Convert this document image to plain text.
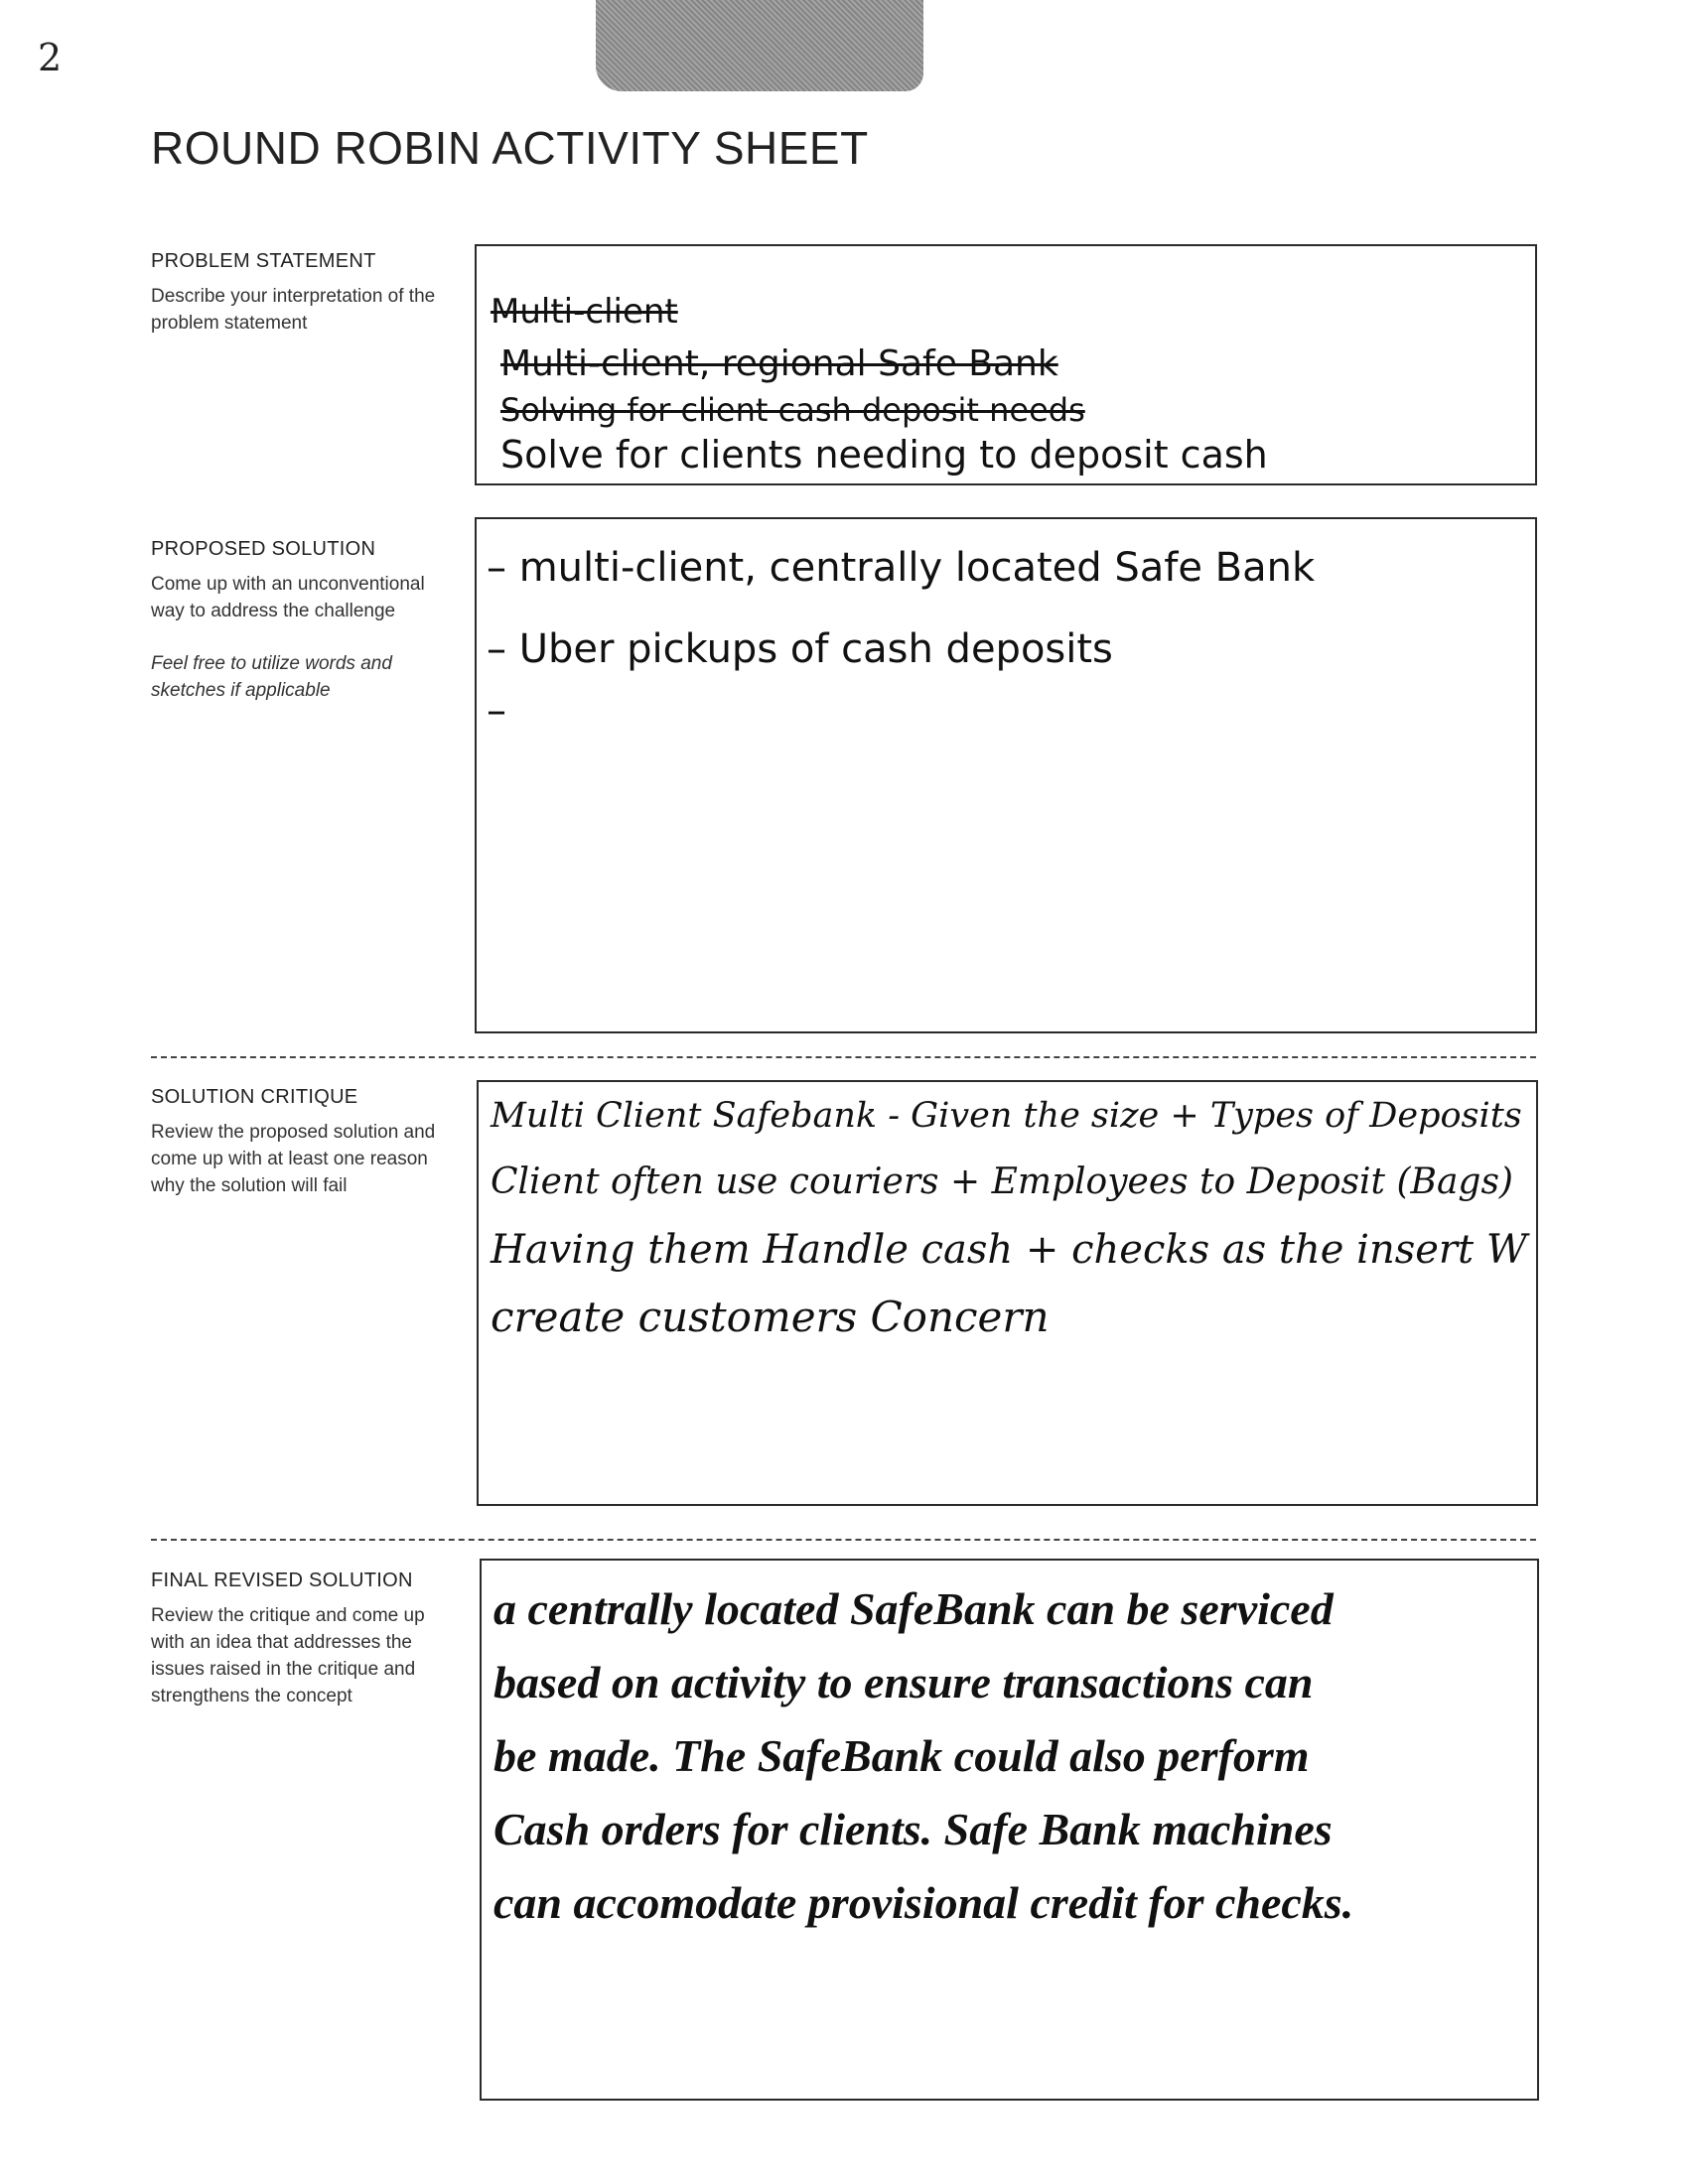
2
ROUND ROBIN ACTIVITY SHEET
PROBLEM STATEMENT
Describe your interpretation of the problem statement	Multi-client
Multi-client, regional Safe Bank
Solving for client cash deposit needs
Solve for clients needing to deposit cash
PROPOSED SOLUTION
Come up with an unconventional way to address the challenge
Feel free to utilize words and sketches if applicable
– multi-client, centrally located Safe Bank
– Uber pickups of cash deposits
–
SOLUTION CRITIQUE
Review the proposed solution and come up with at least one reason why the solution will fail
Multi Client Safebank - Given the size + Types of Deposits
Client often use couriers + Employees to Deposit (Bags)
Having them Handle cash + checks as the insert W
create customers Concern
FINAL REVISED SOLUTION
Review the critique and come up with an idea that addresses the issues raised in the critique and strengthens the concept
a centrally located SafeBank can be serviced
based on activity to ensure transactions can
be made. The SafeBank could also perform
Cash orders for clients. Safe Bank machines
can accomodate provisional credit for checks.
